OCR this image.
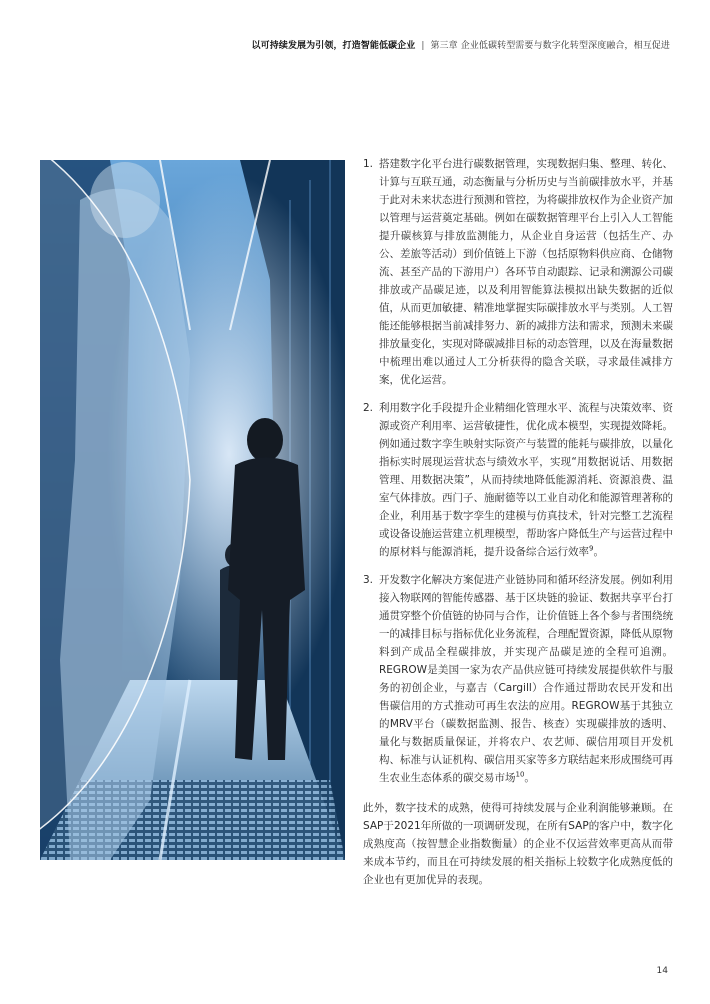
以可持续发展为引领，打造智能低碳企业 | 第三章 企业低碳转型需要与数字化转型深度融合，相互促进
1. 搭建数字化平台进行碳数据管理，实现数据归集、整理、转化、计算与互联互通，动态衡量与分析历史与当前碳排放水平，并基于此对未来状态进行预测和管控，为将碳排放权作为企业资产加以管理与运营奠定基础。例如在碳数据管理平台上引入人工智能提升碳核算与排放监测能力，从企业自身运营（包括生产、办公、差旅等活动）到价值链上下游（包括原物料供应商、仓储物流、甚至产品的下游用户）各环节自动跟踪、记录和溯源公司碳排放或产品碳足迹，以及利用智能算法模拟出缺失数据的近似值，从而更加敏捷、精准地掌握实际碳排放水平与类别。人工智能还能够根据当前减排努力、新的减排方法和需求，预测未来碳排放量变化，实现对降碳减排目标的动态管理，以及在海量数据中梳理出难以通过人工分析获得的隐含关联，寻求最佳减排方案，优化运营。
2. 利用数字化手段提升企业精细化管理水平、流程与决策效率、资源或资产利用率、运营敏捷性，优化成本模型，实现提效降耗。例如通过数字孪生映射实际资产与装置的能耗与碳排放，以量化指标实时展现运营状态与绩效水平，实现“用数据说话、用数据管理、用数据决策”，从而持续地降低能源消耗、资源浪费、温室气体排放。西门子、施耐德等以工业自动化和能源管理著称的企业，利用基于数字孪生的建模与仿真技术，针对完整工艺流程或设备设施运营建立机理模型，帮助客户降低生产与运营过程中的原材料与能源消耗，提升设备综合运行效率$^9$。
3. 开发数字化解决方案促进产业链协同和循环经济发展。例如利用接入物联网的智能传感器、基于区块链的验证、数据共享平台打通贯穿整个价值链的协同与合作，让价值链上各个参与者围绕统一的减排目标与指标优化业务流程，合理配置资源，降低从原物料到产成品全程碳排放，并实现产品碳足迹的全程可追溯。REGROW是美国一家为农产品供应链可持续发展提供软件与服务的初创企业，与嘉吉（Cargill）合作通过帮助农民开发和出售碳信用的方式推动可再生农法的应用。REGROW基于其独立的MRV平台（碳数据监测、报告、核查）实现碳排放的透明、量化与数据质量保证，并将农户、农艺师、碳信用项目开发机构、标准与认证机构、碳信用买家等多方联结起来形成围绕可再生农业生态体系的碳交易市场$^{10}$。
此外，数字技术的成熟，使得可持续发展与企业利润能够兼顾。在SAP于2021年所做的一项调研发现，在所有SAP的客户中，数字化成熟度高（按智慧企业指数衡量）的企业不仅运营效率更高从而带来成本节约，而且在可持续发展的相关指标上较数字化成熟度低的企业也有更加优异的表现。
14
